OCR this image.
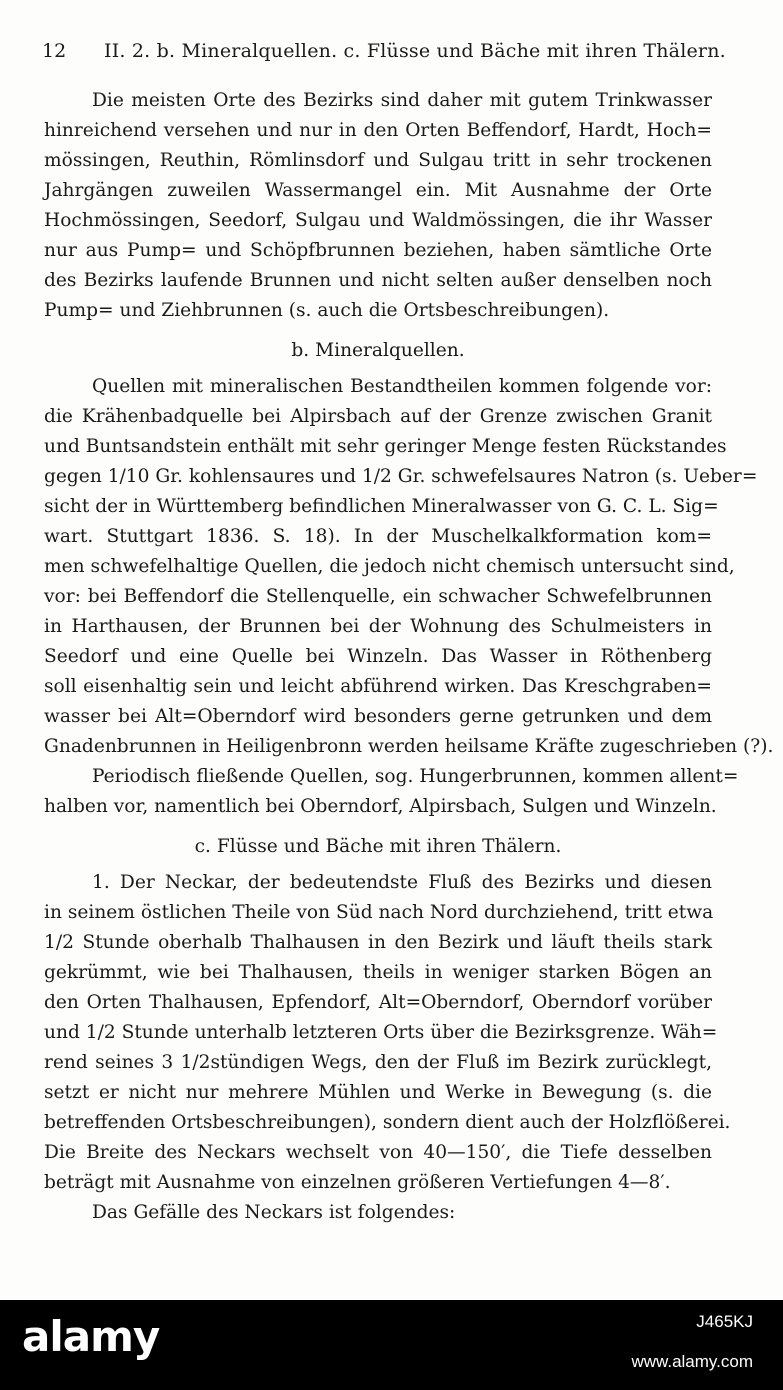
12 II. 2. b. Mineralquellen. c. Flüsse und Bäche mit ihren Thälern.
Die meisten Orte des Bezirks sind daher mit gutem Trinkwasser
hinreichend versehen und nur in den Orten Beffendorf, Hardt, Hoch=
mössingen, Reuthin, Römlinsdorf und Sulgau tritt in sehr trockenen
Jahrgängen zuweilen Wassermangel ein. Mit Ausnahme der Orte
Hochmössingen, Seedorf, Sulgau und Waldmössingen, die ihr Wasser
nur aus Pump= und Schöpfbrunnen beziehen, haben sämtliche Orte
des Bezirks laufende Brunnen und nicht selten außer denselben noch
Pump= und Ziehbrunnen (s. auch die Ortsbeschreibungen).
b. Mineralquellen.
Quellen mit mineralischen Bestandtheilen kommen folgende vor:
die Krähenbadquelle bei Alpirsbach auf der Grenze zwischen Granit
und Buntsandstein enthält mit sehr geringer Menge festen Rückstandes
gegen 1/10 Gr. kohlensaures und 1/2 Gr. schwefelsaures Natron (s. Ueber=
sicht der in Württemberg befindlichen Mineralwasser von G. C. L. Sig=
wart. Stuttgart 1836. S. 18). In der Muschelkalkformation kom=
men schwefelhaltige Quellen, die jedoch nicht chemisch untersucht sind,
vor: bei Beffendorf die Stellenquelle, ein schwacher Schwefelbrunnen
in Harthausen, der Brunnen bei der Wohnung des Schulmeisters in
Seedorf und eine Quelle bei Winzeln. Das Wasser in Röthenberg
soll eisenhaltig sein und leicht abführend wirken. Das Kreschgraben=
wasser bei Alt=Oberndorf wird besonders gerne getrunken und dem
Gnadenbrunnen in Heiligenbronn werden heilsame Kräfte zugeschrieben (?).
Periodisch fließende Quellen, sog. Hungerbrunnen, kommen allent=
halben vor, namentlich bei Oberndorf, Alpirsbach, Sulgen und Winzeln.
c. Flüsse und Bäche mit ihren Thälern.
1. Der Neckar, der bedeutendste Fluß des Bezirks und diesen
in seinem östlichen Theile von Süd nach Nord durchziehend, tritt etwa
1/2 Stunde oberhalb Thalhausen in den Bezirk und läuft theils stark
gekrümmt, wie bei Thalhausen, theils in weniger starken Bögen an
den Orten Thalhausen, Epfendorf, Alt=Oberndorf, Oberndorf vorüber
und 1/2 Stunde unterhalb letzteren Orts über die Bezirksgrenze. Wäh=
rend seines 3 1/2stündigen Wegs, den der Fluß im Bezirk zurücklegt,
setzt er nicht nur mehrere Mühlen und Werke in Bewegung (s. die
betreffenden Ortsbeschreibungen), sondern dient auch der Holzflößerei.
Die Breite des Neckars wechselt von 40—150′, die Tiefe desselben
beträgt mit Ausnahme von einzelnen größeren Vertiefungen 4—8′.
Das Gefälle des Neckars ist folgendes:
alamy	J465KJ
www.alamy.com
